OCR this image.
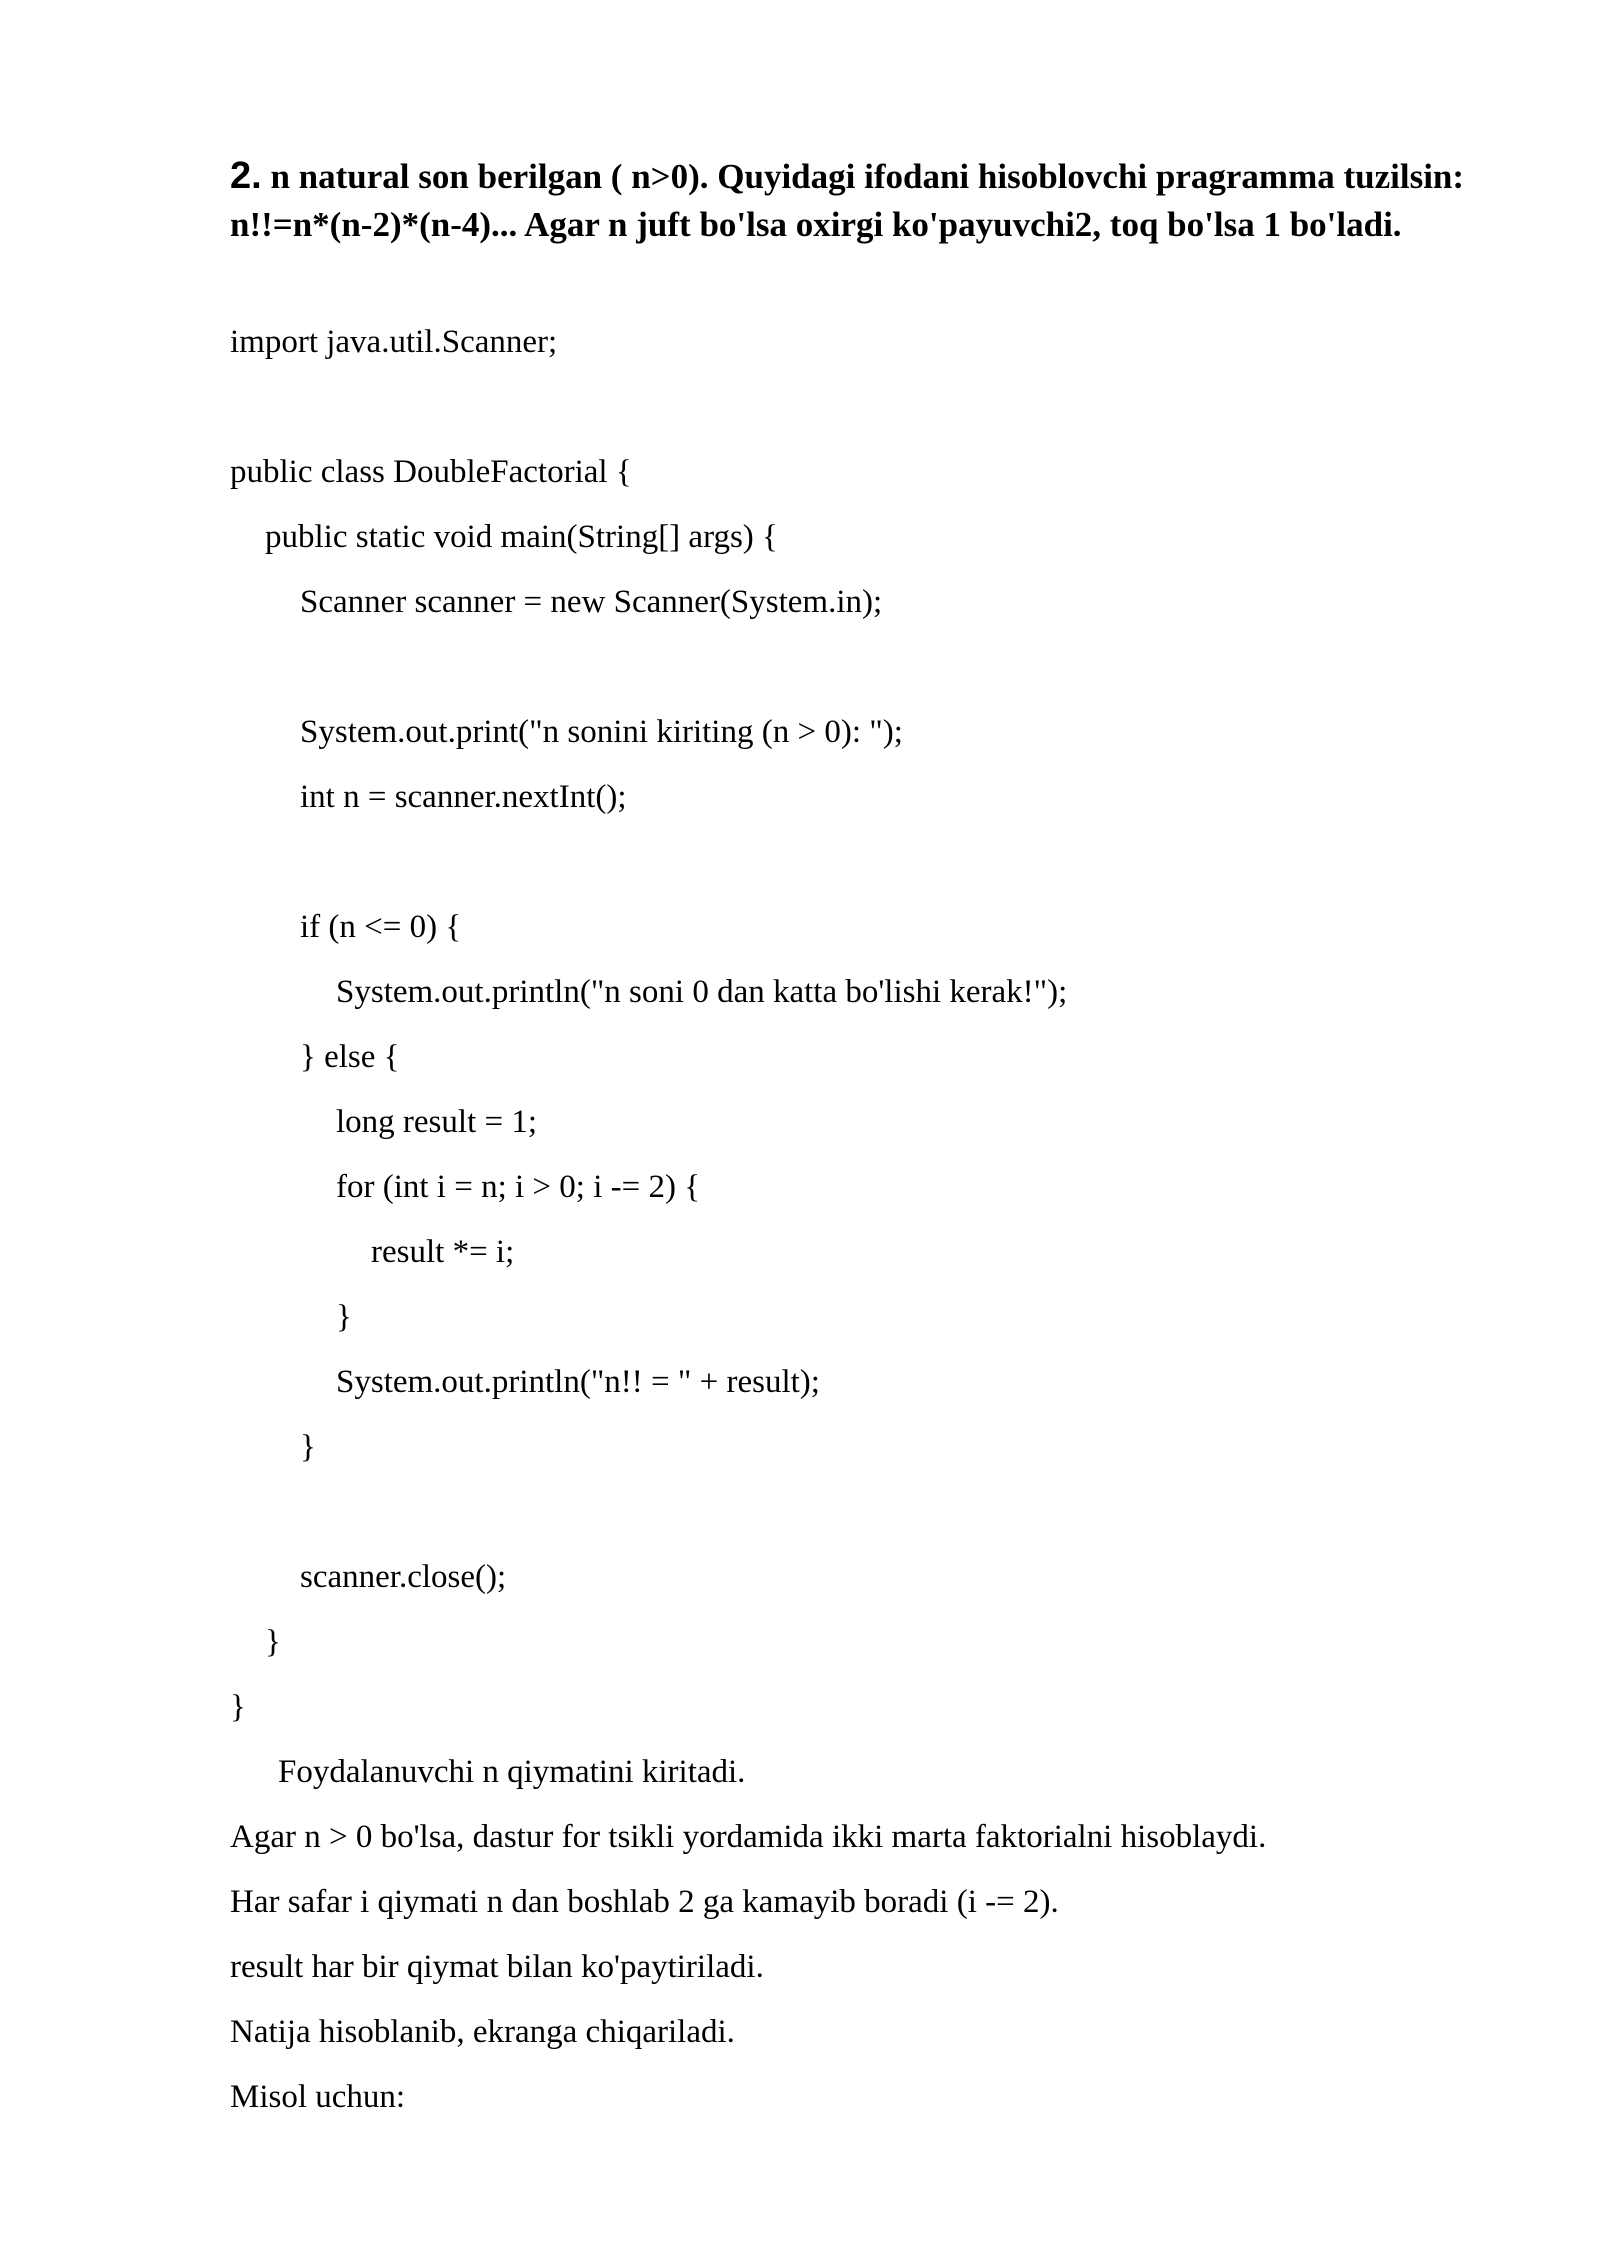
2. n natural son berilgan ( n>0). Quyidagi ifodani hisoblovchi pragramma tuzilsin: n!!=n*(n-2)*(n-4)... Agar n juft bo'lsa oxirgi ko'payuvchi2, toq bo'lsa 1 bo'ladi.

import java.util.Scanner;

public class DoubleFactorial {

public static void main(String[] args) {

Scanner scanner = new Scanner(System.in);

System.out.print("n sonini kiriting (n > 0): ");

int n = scanner.nextInt();

if (n <= 0) {

System.out.println("n soni 0 dan katta bo'lishi kerak!");

} else {

long result = 1;

for (int i = n; i > 0; i -= 2) {

result *= i;

}

System.out.println("n!! = " + result);

}

scanner.close();

}

}

Foydalanuvchi n qiymatini kiritadi.

Agar n > 0 bo'lsa, dastur for tsikli yordamida ikki marta faktorialni hisoblaydi.

Har safar i qiymati n dan boshlab 2 ga kamayib boradi (i -= 2).

result har bir qiymat bilan ko'paytiriladi.

Natija hisoblanib, ekranga chiqariladi.

Misol uchun:
